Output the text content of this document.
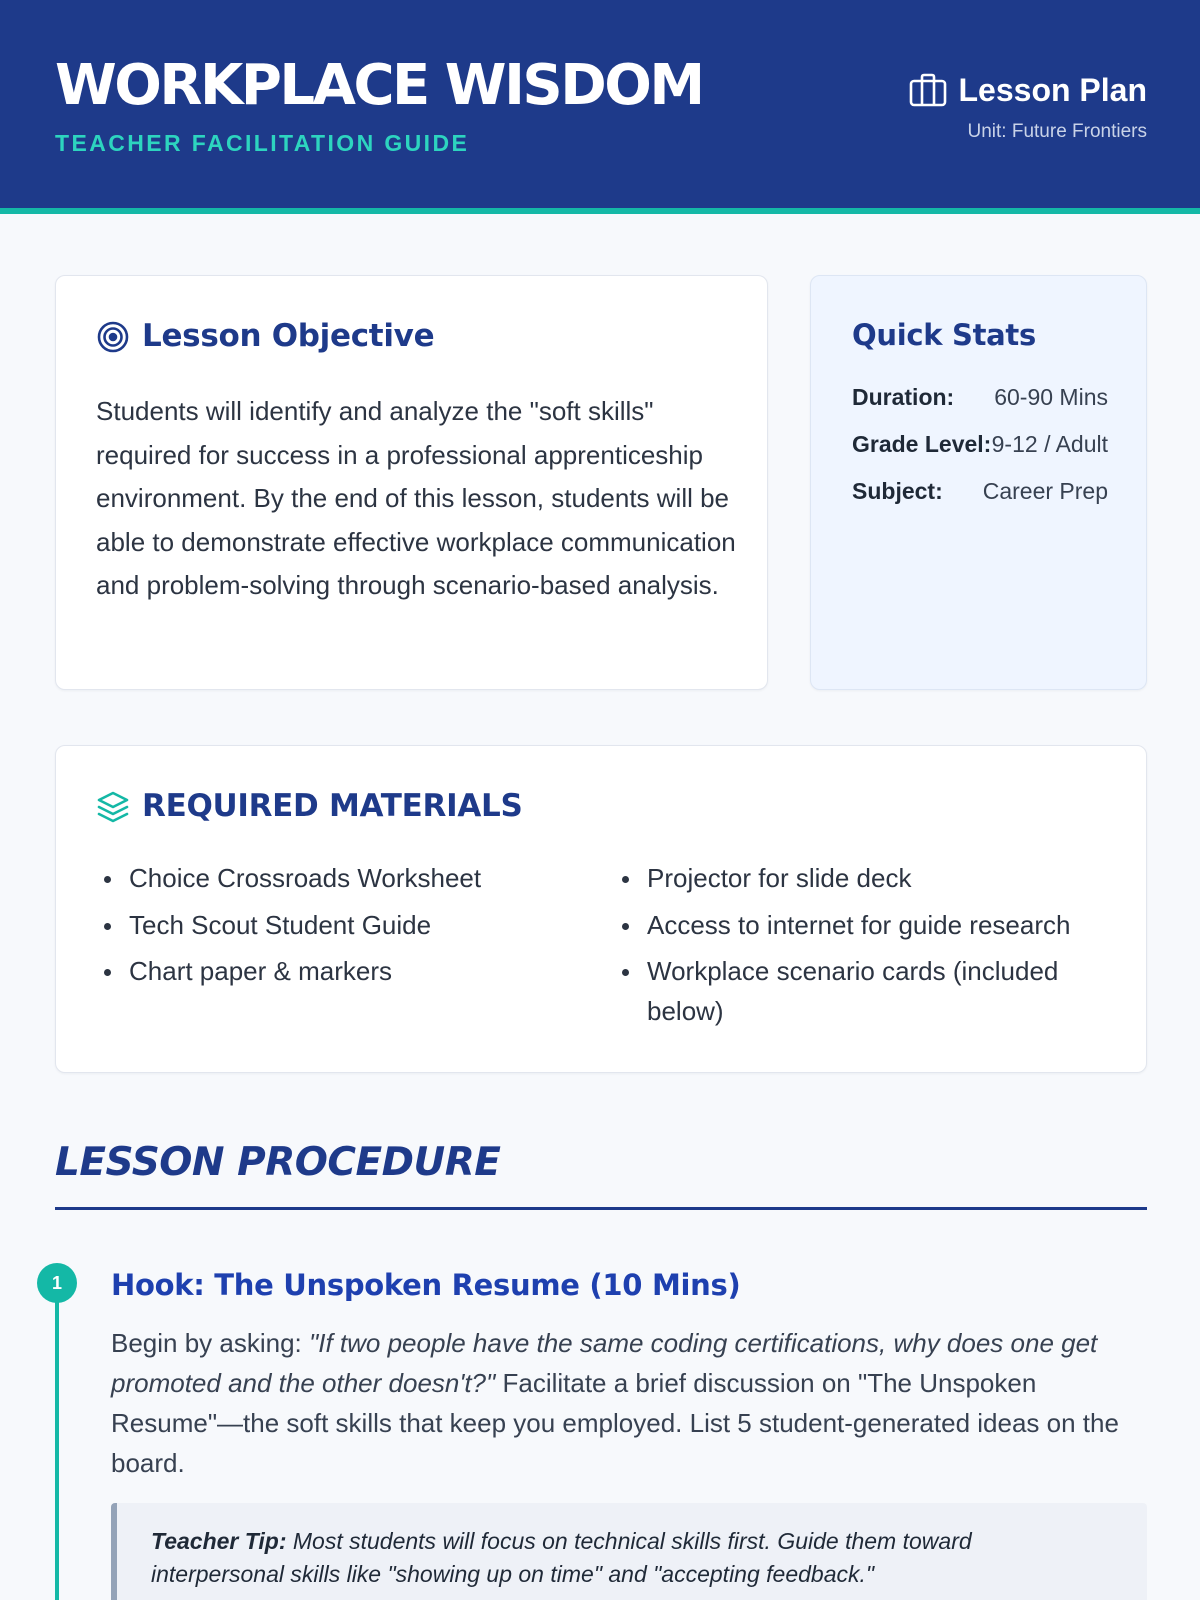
WORKPLACE WISDOM
TEACHER FACILITATION GUIDE
Lesson Plan
Unit: Future Frontiers
Lesson Objective

Students will identify and analyze the "soft skills" required for success in a professional apprenticeship environment. By the end of this lesson, students will be able to demonstrate effective workplace communication and problem-solving through scenario-based analysis.

Quick Stats
Duration: 60-90 Mins
Grade Level: 9-12 / Adult
Subject: Career Prep
REQUIRED MATERIALS
Choice Crossroads Worksheet
Tech Scout Student Guide
Chart paper & markers
Projector for slide deck
Access to internet for guide research
Workplace scenario cards (included below)
LESSON PROCEDURE
1	Hook: The Unspoken Resume (10 Mins)

Begin by asking: "If two people have the same coding certifications, why does one get promoted and the other doesn't?" Facilitate a brief discussion on "The Unspoken Resume"—the soft skills that keep you employed. List 5 student-generated ideas on the board.

Teacher Tip: Most students will focus on technical skills first. Guide them toward interpersonal skills like "showing up on time" and "accepting feedback."
